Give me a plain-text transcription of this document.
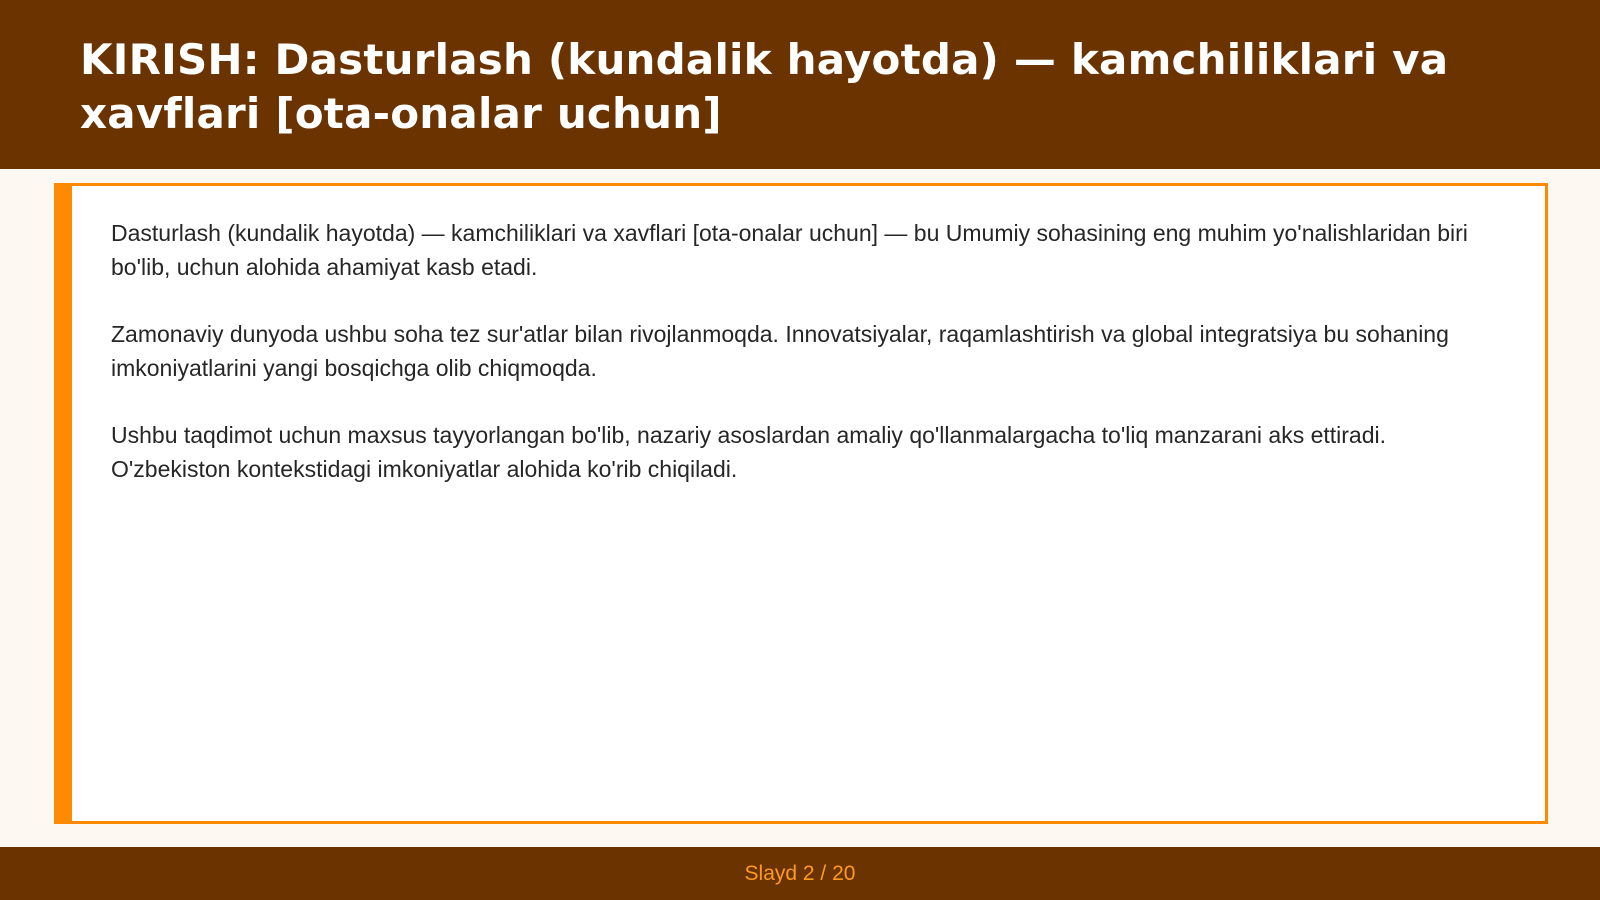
KIRISH: Dasturlash (kundalik hayotda) — kamchiliklari va xavflari [ota-onalar uchun]

Dasturlash (kundalik hayotda) — kamchiliklari va xavflari [ota-onalar uchun] — bu Umumiy sohasining eng muhim yo'nalishlaridan biri bo'lib, uchun alohida ahamiyat kasb etadi.

Zamonaviy dunyoda ushbu soha tez sur'atlar bilan rivojlanmoqda. Innovatsiyalar, raqamlashtirish va global integratsiya bu sohaning imkoniyatlarini yangi bosqichga olib chiqmoqda.

Ushbu taqdimot uchun maxsus tayyorlangan bo'lib, nazariy asoslardan amaliy qo'llanmalargacha to'liq manzarani aks ettiradi. O'zbekiston kontekstidagi imkoniyatlar alohida ko'rib chiqiladi.

Slayd 2 / 20
